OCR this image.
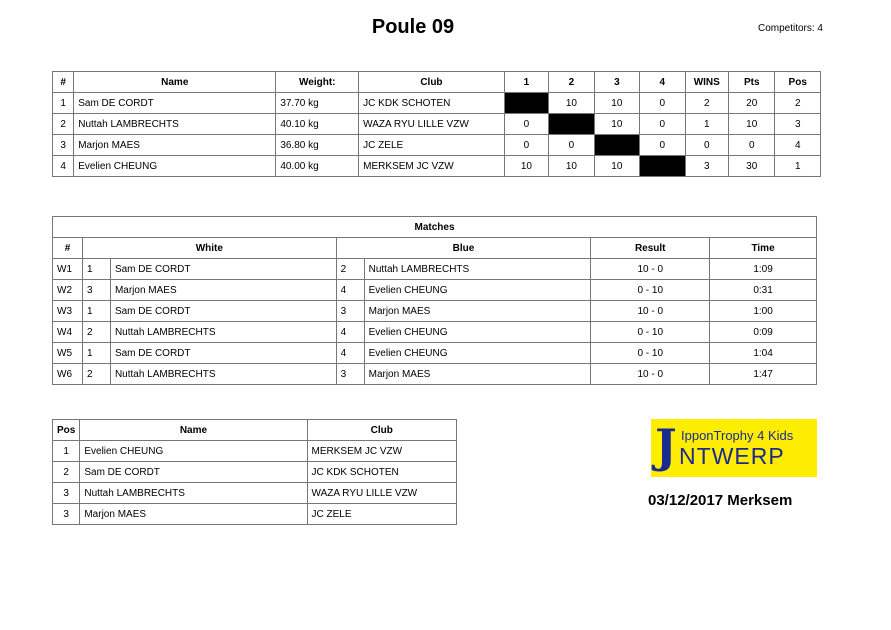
Poule 09	Competitors: 4
#	Name	Weight:	Club	1	2	3	4	WINS	Pts	Pos
1	Sam DE CORDT	37.70 kg	JC KDK SCHOTEN		10	10	0	2	20	2
2	Nuttah LAMBRECHTS	40.10 kg	WAZA RYU LILLE VZW	0		10	0	1	10	3
3	Marjon MAES	36.80 kg	JC ZELE	0	0		0	0	0	4
4	Evelien CHEUNG	40.00 kg	MERKSEM JC VZW	10	10	10		3	30	1
Matches						
#	White		Blue		Result	Time
W1	1	Sam DE CORDT	2	Nuttah LAMBRECHTS	10 - 0	1:09
W2	3	Marjon MAES	4	Evelien CHEUNG	0 - 10	0:31
W3	1	Sam DE CORDT	3	Marjon MAES	10 - 0	1:00
W4	2	Nuttah LAMBRECHTS	4	Evelien CHEUNG	0 - 10	0:09
W5	1	Sam DE CORDT	4	Evelien CHEUNG	0 - 10	1:04
W6	2	Nuttah LAMBRECHTS	3	Marjon MAES	10 - 0	1:47
Pos	Name	Club
1	Evelien CHEUNG	MERKSEM JC VZW
2	Sam DE CORDT	JC KDK SCHOTEN
3	Nuttah LAMBRECHTS	WAZA RYU LILLE VZW
3	Marjon MAES	JC ZELE
J IpponTrophy 4 Kids
NTWERP
03/12/2017 Merksem
